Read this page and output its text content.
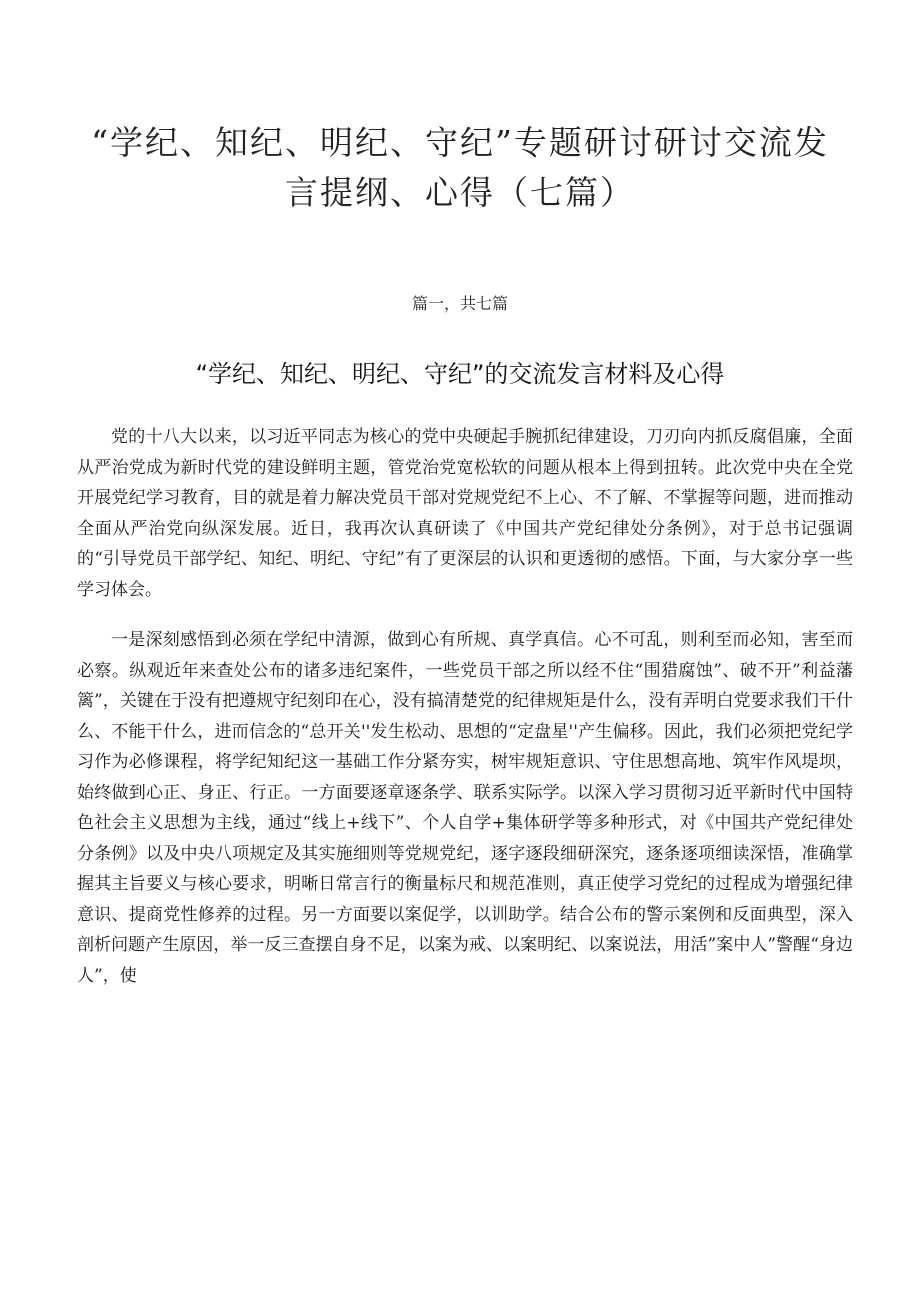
“学纪、知纪、明纪、守纪”专题研讨研讨交流发言提纲、心得（七篇）

篇一，共七篇

“学纪、知纪、明纪、守纪”的交流发言材料及心得

党的十八大以来，以习近平同志为核心的党中央硬起手腕抓纪律建设，刀刃向内抓反腐倡廉，全面从严治党成为新时代党的建设鲜明主题，管党治党宽松软的问题从根本上得到扭转。此次党中央在全党开展党纪学习教育，目的就是着力解决党员干部对党规党纪不上心、不了解、不掌握等问题，进而推动全面从严治党向纵深发展。近日，我再次认真研读了《中国共产党纪律处分条例》，对于总书记强调的“引导党员干部学纪、知纪、明纪、守纪”有了更深层的认识和更透彻的感悟。下面，与大家分享一些学习体会。

一是深刻感悟到必须在学纪中清源，做到心有所规、真学真信。心不可乱，则利至而必知，害至而必察。纵观近年来查处公布的诸多违纪案件，一些党员干部之所以经不住“围猎腐蚀”、破不开”利益藩篱”，关键在于没有把遵规守纪刻印在心，没有搞清楚党的纪律规矩是什么，没有弄明白党要求我们干什么、不能干什么，进而信念的“总开关''发生松动、思想的“定盘星''产生偏移。因此，我们必须把党纪学习作为必修课程，将学纪知纪这一基础工作分紧夯实，树牢规矩意识、守住思想高地、筑牢作风堤坝，始终做到心正、身正、行正。一方面要逐章逐条学、联系实际学。以深入学习贯彻习近平新时代中国特色社会主义思想为主线，通过“线上+线下”、个人自学+集体研学等多种形式，对《中国共产党纪律处分条例》以及中央八项规定及其实施细则等党规党纪，逐字逐段细研深究，逐条逐项细读深悟，准确掌握其主旨要义与核心要求，明晰日常言行的衡量标尺和规范准则，真正使学习党纪的过程成为增强纪律意识、提商党性修养的过程。另一方面要以案促学，以训助学。结合公布的警示案例和反面典型，深入剖析问题产生原因，举一反三查摆自身不足，以案为戒、以案明纪、以案说法，用活”案中人”警醒“身边人”，使
